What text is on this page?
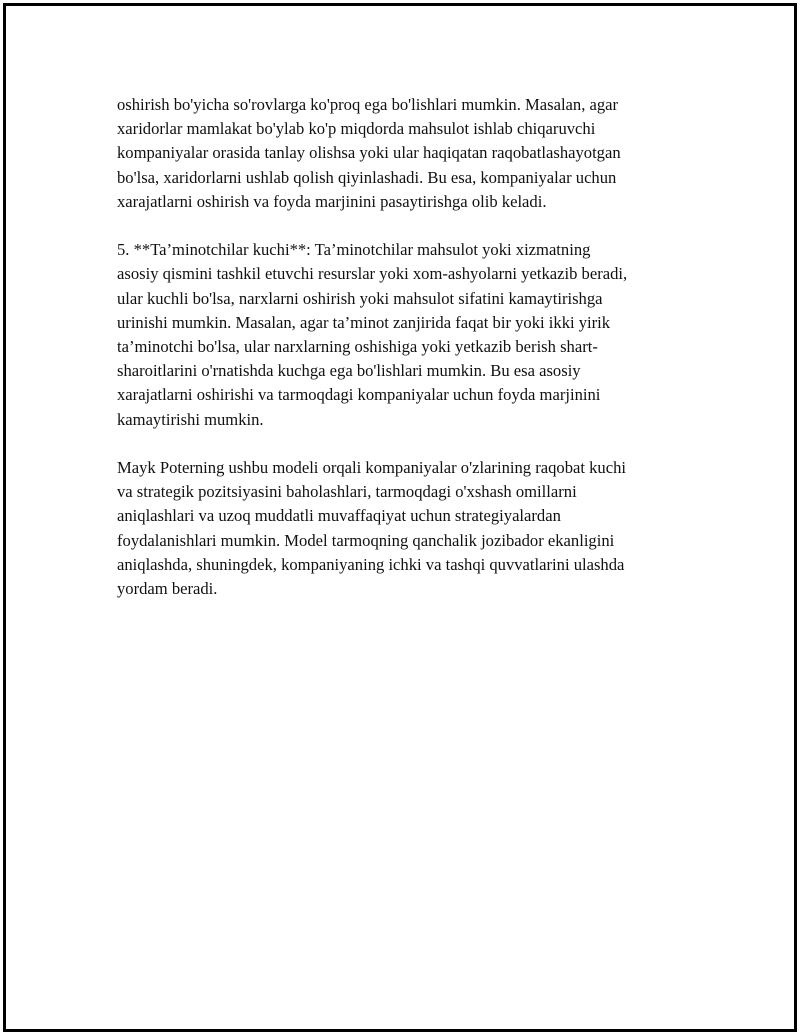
oshirish bo'yicha so'rovlarga ko'proq ega bo'lishlari mumkin. Masalan, agar
xaridorlar mamlakat bo'ylab ko'p miqdorda mahsulot ishlab chiqaruvchi
kompaniyalar orasida tanlay olishsa yoki ular haqiqatan raqobatlashayotgan
bo'lsa, xaridorlarni ushlab qolish qiyinlashadi. Bu esa, kompaniyalar uchun
xarajatlarni oshirish va foyda marjinini pasaytirishga olib keladi.

5. **Ta’minotchilar kuchi**: Ta’minotchilar mahsulot yoki xizmatning
asosiy qismini tashkil etuvchi resurslar yoki xom-ashyolarni yetkazib beradi,
ular kuchli bo'lsa, narxlarni oshirish yoki mahsulot sifatini kamaytirishga
urinishi mumkin. Masalan, agar ta’minot zanjirida faqat bir yoki ikki yirik
ta’minotchi bo'lsa, ular narxlarning oshishiga yoki yetkazib berish shart-
sharoitlarini o'rnatishda kuchga ega bo'lishlari mumkin. Bu esa asosiy
xarajatlarni oshirishi va tarmoqdagi kompaniyalar uchun foyda marjinini
kamaytirishi mumkin.

Mayk Poterning ushbu modeli orqali kompaniyalar o'zlarining raqobat kuchi
va strategik pozitsiyasini baholashlari, tarmoqdagi o'xshash omillarni
aniqlashlari va uzoq muddatli muvaffaqiyat uchun strategiyalardan
foydalanishlari mumkin. Model tarmoqning qanchalik jozibador ekanligini
aniqlashda, shuningdek, kompaniyaning ichki va tashqi quvvatlarini ulashda
yordam beradi.
